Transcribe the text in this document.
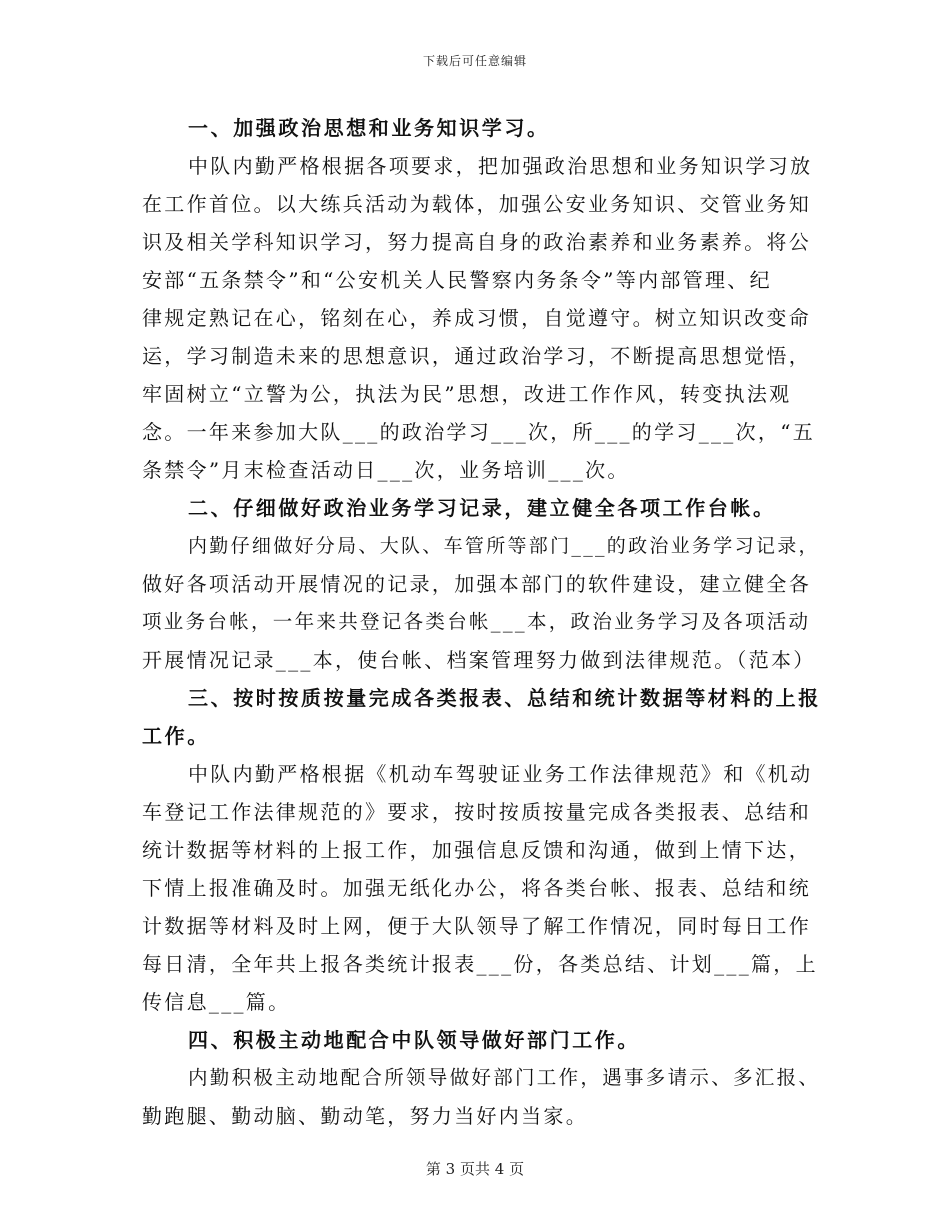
下载后可任意编辑
一、加强政治思想和业务知识学习。
中队内勤严格根据各项要求，把加强政治思想和业务知识学习放
在工作首位。以大练兵活动为载体，加强公安业务知识、交管业务知
识及相关学科知识学习，努力提高自身的政治素养和业务素养。将公
安部“五条禁令”和“公安机关人民警察内务条令”等内部管理、纪
律规定熟记在心，铭刻在心，养成习惯，自觉遵守。树立知识改变命
运，学习制造未来的思想意识，通过政治学习，不断提高思想觉悟，
牢固树立“立警为公，执法为民”思想，改进工作作风，转变执法观
念。一年来参加大队___的政治学习___次，所___的学习___次，“五
条禁令”月末检查活动日___次，业务培训___次。
二、仔细做好政治业务学习记录，建立健全各项工作台帐。
内勤仔细做好分局、大队、车管所等部门___的政治业务学习记录，
做好各项活动开展情况的记录，加强本部门的软件建设，建立健全各
项业务台帐，一年来共登记各类台帐___本，政治业务学习及各项活动
开展情况记录___本，使台帐、档案管理努力做到法律规范。（范本）
三、按时按质按量完成各类报表、总结和统计数据等材料的上报
工作。
中队内勤严格根据《机动车驾驶证业务工作法律规范》和《机动
车登记工作法律规范的》要求，按时按质按量完成各类报表、总结和
统计数据等材料的上报工作，加强信息反馈和沟通，做到上情下达，
下情上报准确及时。加强无纸化办公，将各类台帐、报表、总结和统
计数据等材料及时上网，便于大队领导了解工作情况，同时每日工作
每日清，全年共上报各类统计报表___份，各类总结、计划___篇，上
传信息___篇。
四、积极主动地配合中队领导做好部门工作。
内勤积极主动地配合所领导做好部门工作，遇事多请示、多汇报、
勤跑腿、勤动脑、勤动笔，努力当好内当家。
第 3 页共 4 页
